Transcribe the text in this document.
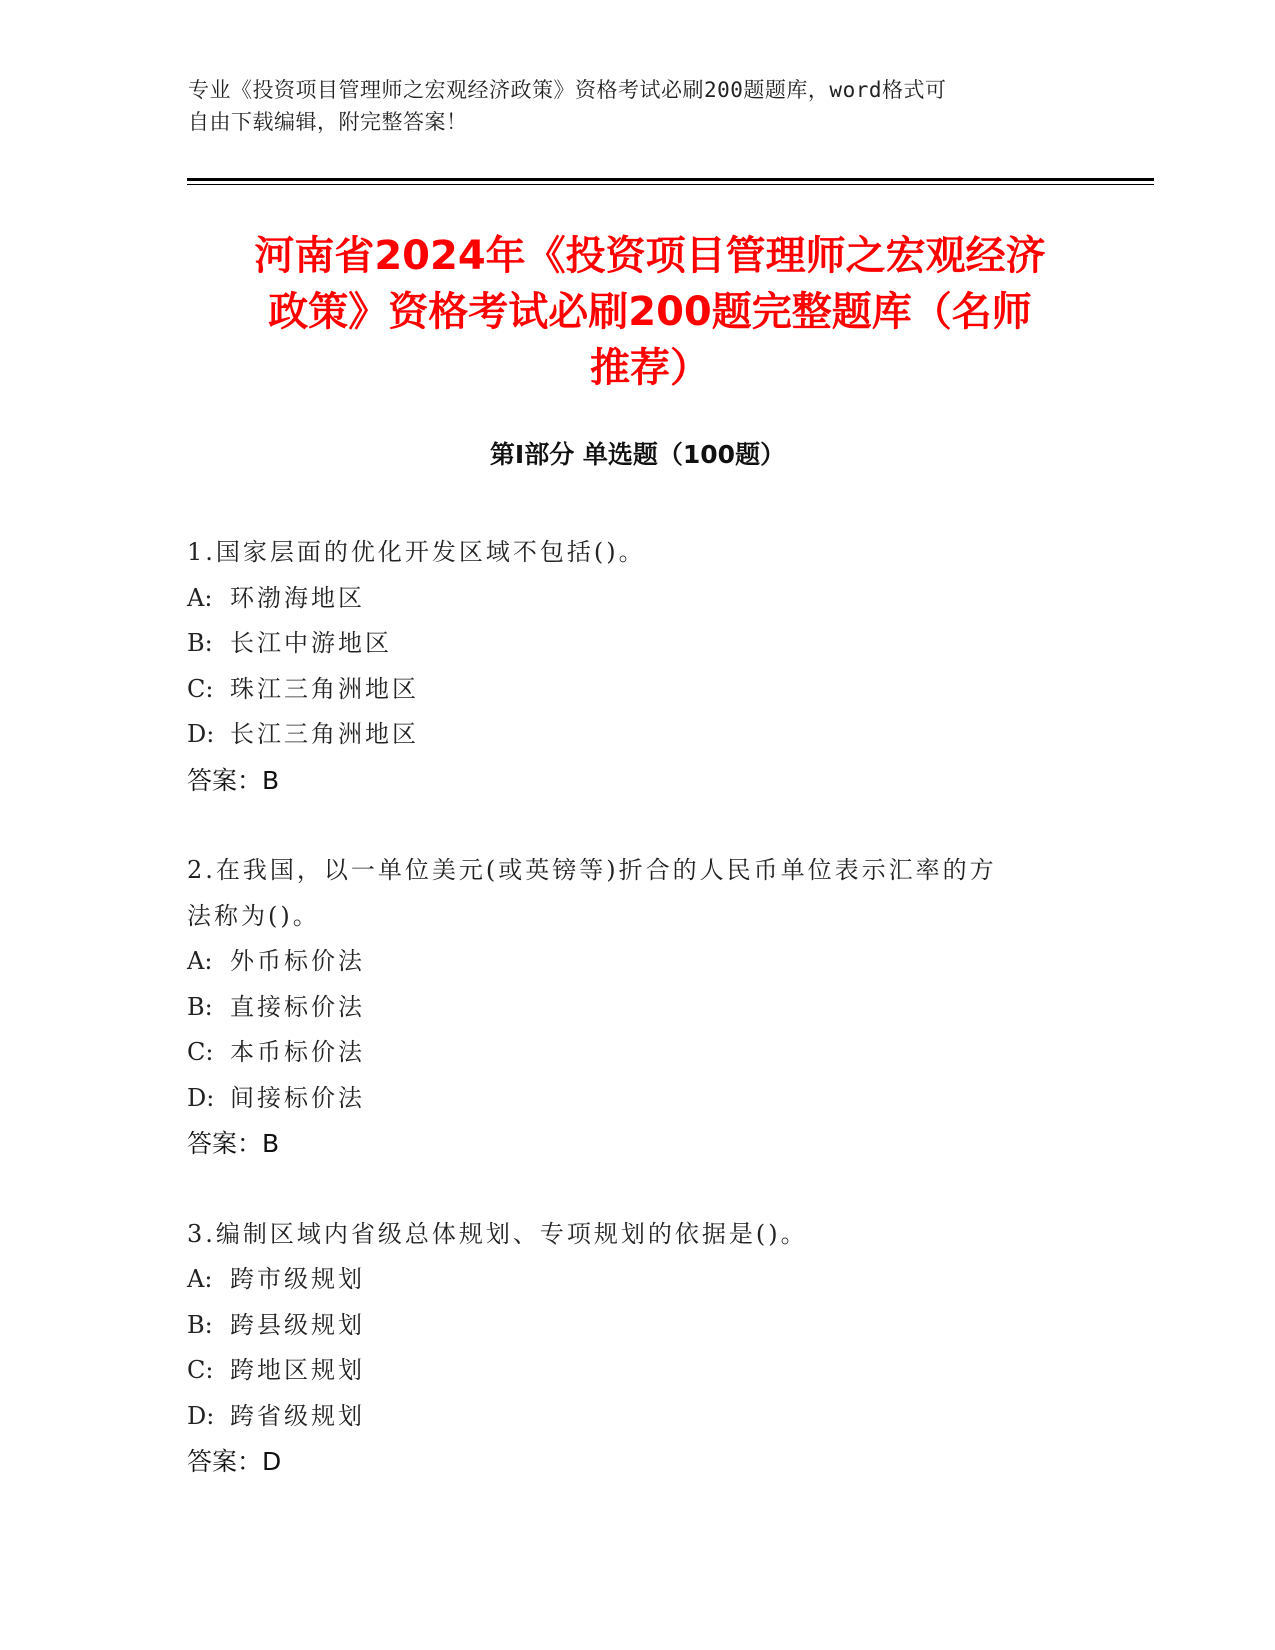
专业《投资项目管理师之宏观经济政策》资格考试必刷200题题库，word格式可
自由下载编辑，附完整答案！
河南省2024年《投资项目管理师之宏观经济
政策》资格考试必刷200题完整题库（名师
推荐）
第I部分 单选题（100题）
1.国家层面的优化开发区域不包括()。
A: 环渤海地区
B: 长江中游地区
C: 珠江三角洲地区
D: 长江三角洲地区
答案：B
2.在我国，以一单位美元(或英镑等)折合的人民币单位表示汇率的方
法称为()。
A: 外币标价法
B: 直接标价法
C: 本币标价法
D: 间接标价法
答案：B
3.编制区域内省级总体规划、专项规划的依据是()。
A: 跨市级规划
B: 跨县级规划
C: 跨地区规划
D: 跨省级规划
答案：D
